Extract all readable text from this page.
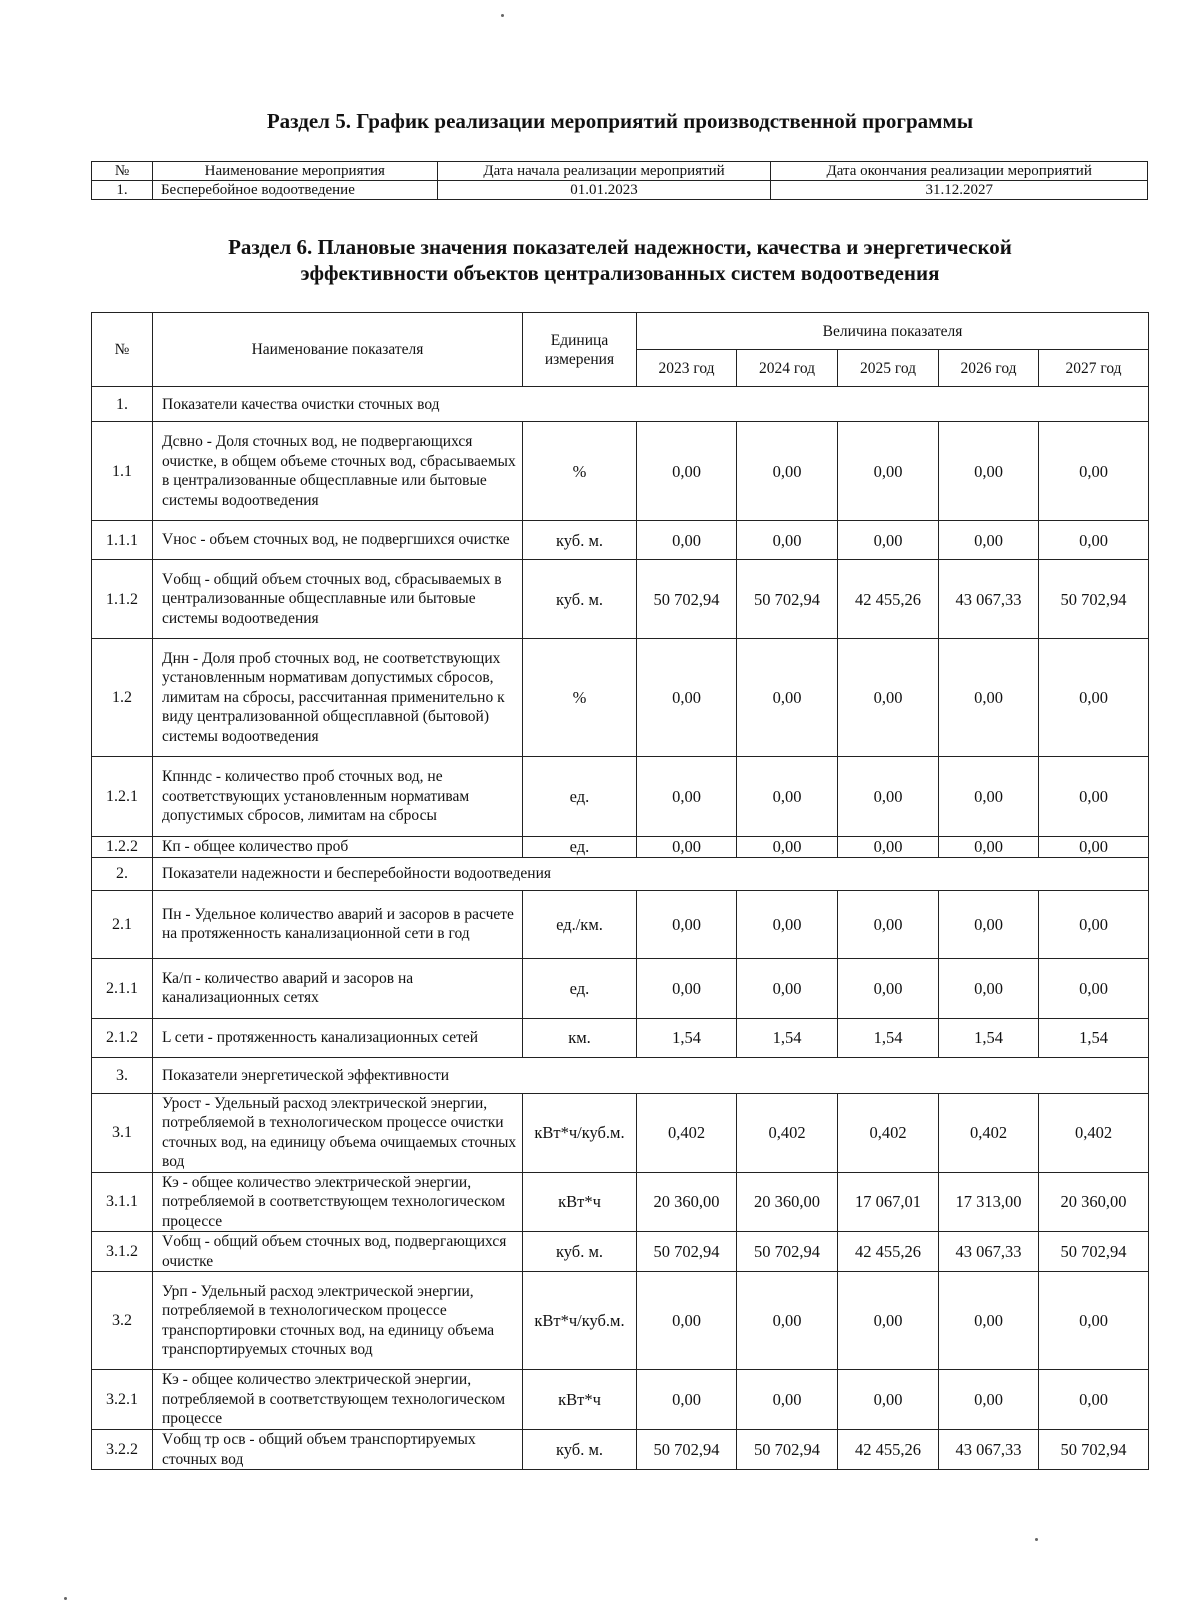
Раздел 5. График реализации мероприятий производственной программы
№	Наименование мероприятия	Дата начала реализации мероприятий	Дата окончания реализации мероприятий
1.	Бесперебойное водоотведение	01.01.2023	31.12.2027
Раздел 6. Плановые значения показателей надежности, качества и энергетической
эффективности объектов централизованных систем водоотведения
№	Наименование показателя	Единица измерения	Величина показателя				
			2023 год	2024 год	2025 год	2026 год	2027 год
1.	Показатели качества очистки сточных вод						
1.1	Дсвно - Доля сточных вод, не подвергающихся очистке, в общем объеме сточных вод, сбрасываемых в централизованные общесплавные или бытовые системы водоотведения	%	0,00	0,00	0,00	0,00	0,00
1.1.1	Vнос - объем сточных вод, не подвергшихся очистке	куб. м.	0,00	0,00	0,00	0,00	0,00
1.1.2	Vобщ - общий объем сточных вод, сбрасываемых в централизованные общесплавные или бытовые системы водоотведения	куб. м.	50 702,94	50 702,94	42 455,26	43 067,33	50 702,94
1.2	Днн - Доля проб сточных вод, не соответствующих установленным нормативам допустимых сбросов, лимитам на сбросы, рассчитанная применительно к виду централизованной общесплавной (бытовой) системы водоотведения	%	0,00	0,00	0,00	0,00	0,00
1.2.1	Кпнндс - количество проб сточных вод, не соответствующих установленным нормативам допустимых сбросов, лимитам на сбросы	ед.	0,00	0,00	0,00	0,00	0,00
1.2.2	Кп - общее количество проб	ед.	0,00	0,00	0,00	0,00	0,00
2.	Показатели надежности и бесперебойности водоотведения						
2.1	Пн - Удельное количество аварий и засоров в расчете на протяженность канализационной сети в год	ед./км.	0,00	0,00	0,00	0,00	0,00
2.1.1	Ка/п - количество аварий и засоров на канализационных сетях	ед.	0,00	0,00	0,00	0,00	0,00
2.1.2	L сети - протяженность канализационных сетей	км.	1,54	1,54	1,54	1,54	1,54
3.	Показатели энергетической эффективности						
3.1	Урост - Удельный расход электрической энергии, потребляемой в технологическом процессе очистки сточных вод, на единицу объема очищаемых сточных вод	кВт*ч/куб.м.	0,402	0,402	0,402	0,402	0,402
3.1.1	Кэ - общее количество электрической энергии, потребляемой в соответствующем технологическом процессе	кВт*ч	20 360,00	20 360,00	17 067,01	17 313,00	20 360,00
3.1.2	Vобщ - общий объем сточных вод, подвергающихся очистке	куб. м.	50 702,94	50 702,94	42 455,26	43 067,33	50 702,94
3.2	Урп - Удельный расход электрической энергии, потребляемой в технологическом процессе транспортировки сточных вод, на единицу объема транспортируемых сточных вод	кВт*ч/куб.м.	0,00	0,00	0,00	0,00	0,00
3.2.1	Кэ - общее количество электрической энергии, потребляемой в соответствующем технологическом процессе	кВт*ч	0,00	0,00	0,00	0,00	0,00
3.2.2	Vобщ тр осв - общий объем транспортируемых сточных вод	куб. м.	50 702,94	50 702,94	42 455,26	43 067,33	50 702,94
